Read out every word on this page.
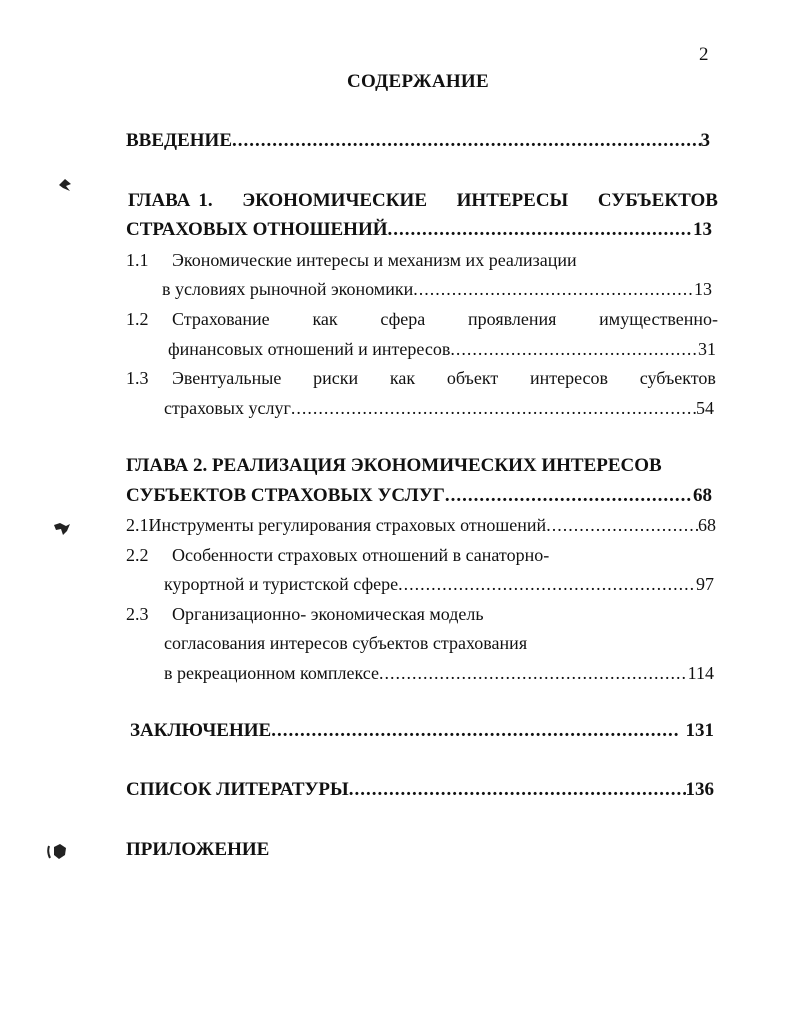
2
СОДЕРЖАНИЕ
ВВЕДЕНИЕ .....	3
ГЛАВА 1. ЭКОНОМИЧЕСКИЕ ИНТЕРЕСЫ СУБЪЕКТОВ
СТРАХОВЫХ ОТНОШЕНИЙ .....	13
1.1 Экономические интересы и механизм их реализации
в условиях рыночной экономики .....	13
1.2	Страхование как сфера проявления имущественно-
финансовых отношений и интересов .....	31
1.3	Эвентуальные риски как объект интересов субъектов
страховых услуг .....	54
ГЛАВА 2. РЕАЛИЗАЦИЯ ЭКОНОМИЧЕСКИХ ИНТЕРЕСОВ
СУБЪЕКТОВ СТРАХОВЫХ УСЛУГ .....	68
2.1 Инструменты регулирования страховых отношений .....	68
2.2 Особенности страховых отношений в санаторно-
курортной и туристской сфере .....	97
2.3 Организационно- экономическая модель
согласования интересов субъектов страхования
в рекреационном комплексе .....	114
ЗАКЛЮЧЕНИЕ .....	131
СПИСОК ЛИТЕРАТУРЫ .....	136
ПРИЛОЖЕНИЕ
